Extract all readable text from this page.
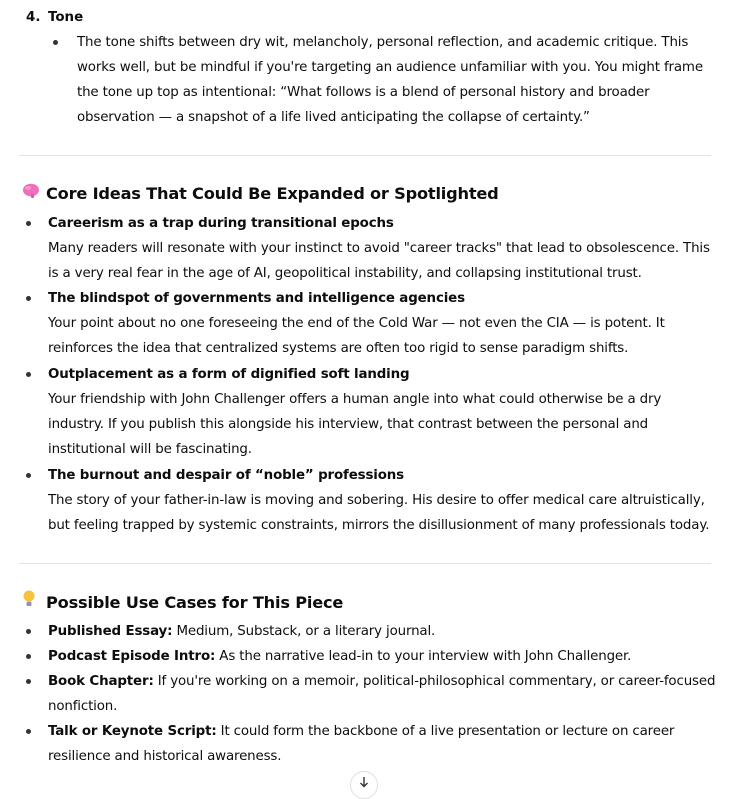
4. Tone
The tone shifts between dry wit, melancholy, personal reflection, and academic critique. This works well, but be mindful if you're targeting an audience unfamiliar with you. You might frame the tone up top as intentional: “What follows is a blend of personal history and broader observation — a snapshot of a life lived anticipating the collapse of certainty.”
Core Ideas That Could Be Expanded or Spotlighted
Careerism as a trap during transitional epochs
Many readers will resonate with your instinct to avoid "career tracks" that lead to obsolescence. This is a very real fear in the age of AI, geopolitical instability, and collapsing institutional trust.
The blindspot of governments and intelligence agencies
Your point about no one foreseeing the end of the Cold War — not even the CIA — is potent. It reinforces the idea that centralized systems are often too rigid to sense paradigm shifts.
Outplacement as a form of dignified soft landing
Your friendship with John Challenger offers a human angle into what could otherwise be a dry industry. If you publish this alongside his interview, that contrast between the personal and institutional will be fascinating.
The burnout and despair of “noble” professions
The story of your father-in-law is moving and sobering. His desire to offer medical care altruistically, but feeling trapped by systemic constraints, mirrors the disillusionment of many professionals today.
Possible Use Cases for This Piece
Published Essay: Medium, Substack, or a literary journal.
Podcast Episode Intro: As the narrative lead-in to your interview with John Challenger.
Book Chapter: If you're working on a memoir, political-philosophical commentary, or career-focused nonfiction.
Talk or Keynote Script: It could form the backbone of a live presentation or lecture on career resilience and historical awareness.
